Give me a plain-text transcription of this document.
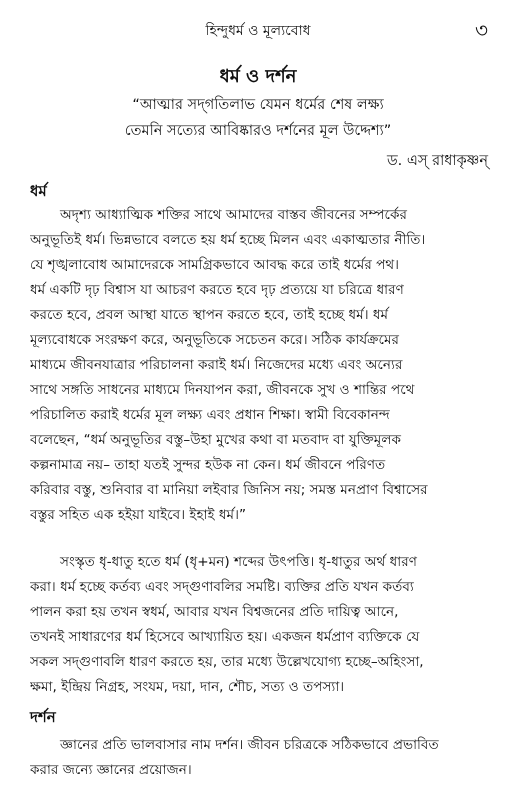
হিন্দুধর্ম ও মূল্যবোধ	৩
ধর্ম ও দর্শন
“আত্মার সদ্‌গতিলাভ যেমন ধর্মের শেষ লক্ষ্য
তেমনি সত্যের আবিষ্কারও দর্শনের মূল উদ্দেশ্য”
ড. এস্‌ রাধাকৃষ্ণন্‌
ধর্ম

অদৃশ্য আধ্যাত্মিক শক্তির সাথে আমাদের বাস্তব জীবনের সম্পর্কের

অনুভূতিই ধর্ম। ভিন্নভাবে বলতে হয় ধর্ম হচ্ছে মিলন এবং একাত্মতার নীতি।

যে শৃঙ্খলাবোধ আমাদেরকে সামগ্রিকভাবে আবদ্ধ করে তাই ধর্মের পথ।

ধর্ম একটি দৃঢ় বিশ্বাস যা আচরণ করতে হবে দৃঢ় প্রত্যয়ে যা চরিত্রে ধারণ

করতে হবে, প্রবল আস্থা যাতে স্থাপন করতে হবে, তাই হচ্ছে ধর্ম। ধর্ম

মূল্যবোধকে সংরক্ষণ করে, অনুভূতিকে সচেতন করে। সঠিক কার্যক্রমের

মাধ্যমে জীবনযাত্রার পরিচালনা করাই ধর্ম। নিজেদের মধ্যে এবং অন্যের

সাথে সঙ্গতি সাধনের মাধ্যমে দিনযাপন করা, জীবনকে সুখ ও শান্তির পথে

পরিচালিত করাই ধর্মের মূল লক্ষ্য এবং প্রধান শিক্ষা। স্বামী বিবেকানন্দ

বলেছেন, “ধর্ম অনুভূতির বস্তু–উহা মুখের কথা বা মতবাদ বা যুক্তিমূলক

কল্পনামাত্র নয়– তাহা যতই সুন্দর হউক না কেন। ধর্ম জীবনে পরিণত

করিবার বস্তু, শুনিবার বা মানিয়া লইবার জিনিস নয়; সমস্ত মনপ্রাণ বিশ্বাসের

বস্তুর সহিত এক হইয়া যাইবে। ইহাই ধর্ম।”

সংস্কৃত ধৃ-ধাতু হতে ধর্ম (ধৃ+মন) শব্দের উৎপত্তি। ধৃ-ধাতুর অর্থ ধারণ

করা। ধর্ম হচ্ছে কর্তব্য এবং সদ্‌গুণাবলির সমষ্টি। ব্যক্তির প্রতি যখন কর্তব্য

পালন করা হয় তখন স্বধর্ম, আবার যখন বিশ্বজনের প্রতি দায়িত্ব আনে,

তখনই সাধারণের ধর্ম হিসেবে আখ্যায়িত হয়। একজন ধর্মপ্রাণ ব্যক্তিকে যে

সকল সদ্‌গুণাবলি ধারণ করতে হয়, তার মধ্যে উল্লেখযোগ্য হচ্ছে–অহিংসা,

ক্ষমা, ইন্দ্রিয় নিগ্রহ, সংযম, দয়া, দান, শৌচ, সত্য ও তপস্যা।

দর্শন

জ্ঞানের প্রতি ভালবাসার নাম দর্শন। জীবন চরিত্রকে সঠিকভাবে প্রভাবিত

করার জন্যে জ্ঞানের প্রয়োজন।
